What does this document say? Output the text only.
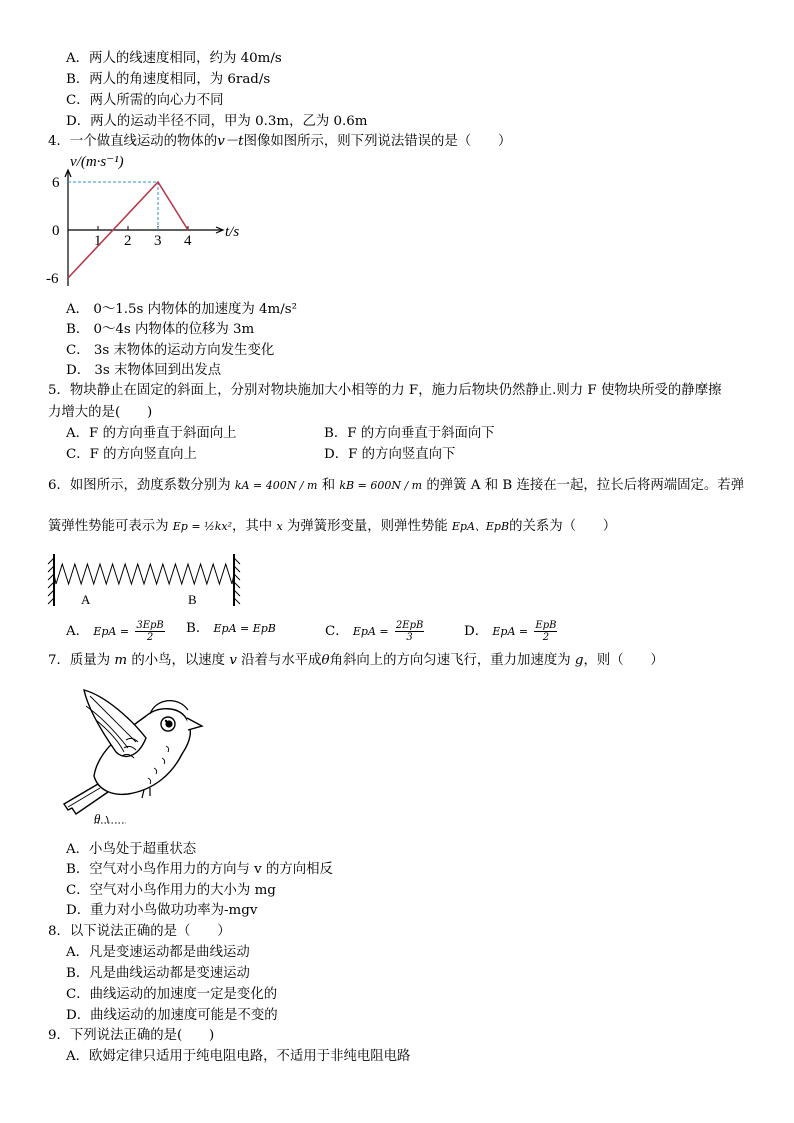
A．两人的线速度相同，约为 40m/s
B．两人的角速度相同，为 6rad/s
C．两人所需的向心力不同
D．两人的运动半径不同，甲为 0.3m，乙为 0.6m
4．一个做直线运动的物体的v－t图像如图所示，则下列说法错误的是（　　）
1 2 3 4
6
0
-6
v/(m·s⁻¹)
t/s
A． 0～1.5s 内物体的加速度为 4m/s²
B． 0～4s 内物体的位移为 3m
C． 3s 末物体的运动方向发生变化
D． 3s 末物体回到出发点
5．物块静止在固定的斜面上，分别对物块施加大小相等的力 F，施力后物块仍然静止.则力 F 使物块所受的静摩擦
力增大的是(　　)
A．F 的方向垂直于斜面向上	B．F 的方向垂直于斜面向下
C．F 的方向竖直向上	D．F 的方向竖直向下
6．如图所示，劲度系数分别为 kA = 400N / m 和 kB = 600N / m 的弹簧 A 和 B 连接在一起，拉长后将两端固定。若弹
簧弹性势能可表示为 Ep = ½kx²，其中 x 为弹簧形变量，则弹性势能 EpA、EpB的关系为（　　）
A	B
A． EpA = $\frac{\text{3EpB}}{2}$ B． EpA = EpB	C． EpA = $\frac{\text{2EpB}}{3}$	D． EpA = $\frac{\text{EpB}}{2}$
7．质量为 m 的小鸟，以速度 v 沿着与水平成θ角斜向上的方向匀速飞行，重力加速度为 g，则（　　）
θ
A．小鸟处于超重状态
B．空气对小鸟作用力的方向与 v 的方向相反
C．空气对小鸟作用力的大小为 mg
D．重力对小鸟做功功率为-mgv
8．以下说法正确的是（　　）
A．凡是变速运动都是曲线运动
B．凡是曲线运动都是变速运动
C．曲线运动的加速度一定是变化的
D．曲线运动的加速度可能是不变的
9．下列说法正确的是(　　)
A．欧姆定律只适用于纯电阻电路，不适用于非纯电阻电路
